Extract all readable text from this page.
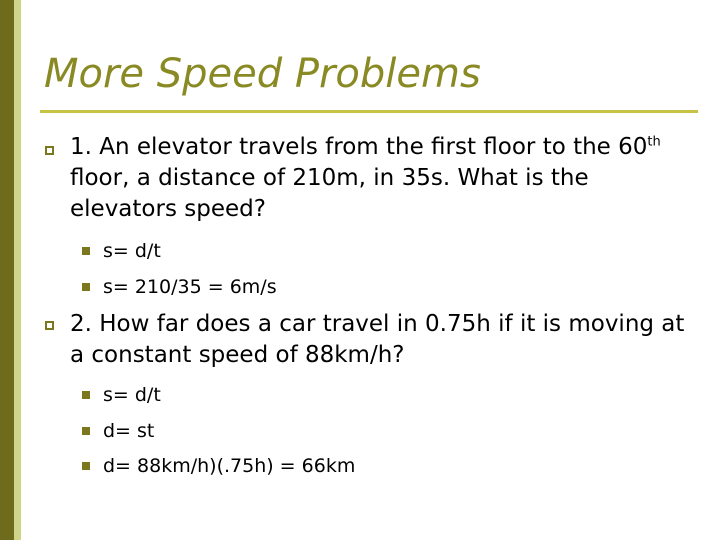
More Speed Problems
1. An elevator travels from the first floor to the 60th floor, a distance of 210m, in 35s. What is the elevators speed?
s= d/t
s= 210/35 = 6m/s
2. How far does a car travel in 0.75h if it is moving at a constant speed of 88km/h?
s= d/t
d= st
d= 88km/h)(.75h) = 66km
